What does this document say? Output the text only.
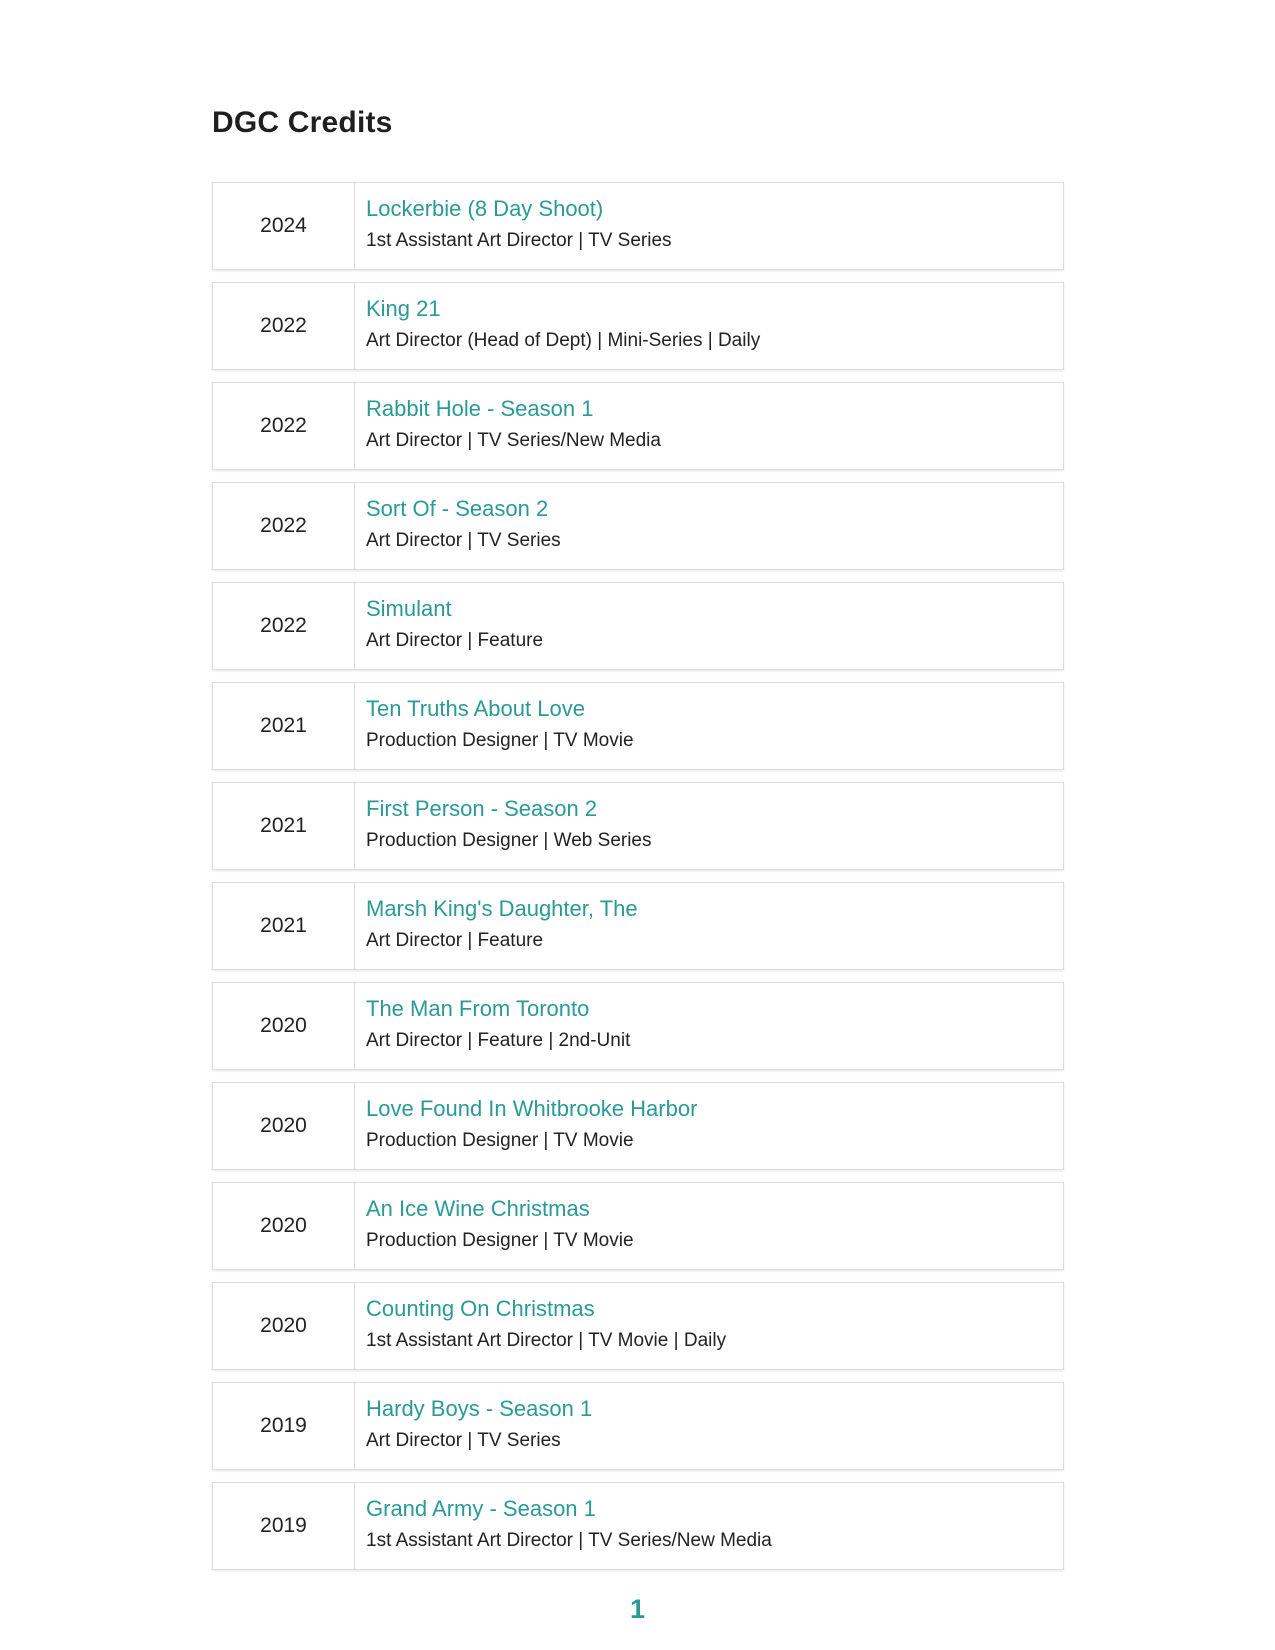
DGC Credits
2024
Lockerbie (8 Day Shoot)
1st Assistant Art Director | TV Series
2022
King 21
Art Director (Head of Dept) | Mini-Series | Daily
2022
Rabbit Hole - Season 1
Art Director | TV Series/New Media
2022
Sort Of - Season 2
Art Director | TV Series
2022
Simulant
Art Director | Feature
2021
Ten Truths About Love
Production Designer | TV Movie
2021
First Person - Season 2
Production Designer | Web Series
2021
Marsh King's Daughter, The
Art Director | Feature
2020
The Man From Toronto
Art Director | Feature | 2nd-Unit
2020
Love Found In Whitbrooke Harbor
Production Designer | TV Movie
2020
An Ice Wine Christmas
Production Designer | TV Movie
2020
Counting On Christmas
1st Assistant Art Director | TV Movie | Daily
2019
Hardy Boys - Season 1
Art Director | TV Series
2019
Grand Army - Season 1
1st Assistant Art Director | TV Series/New Media
1
